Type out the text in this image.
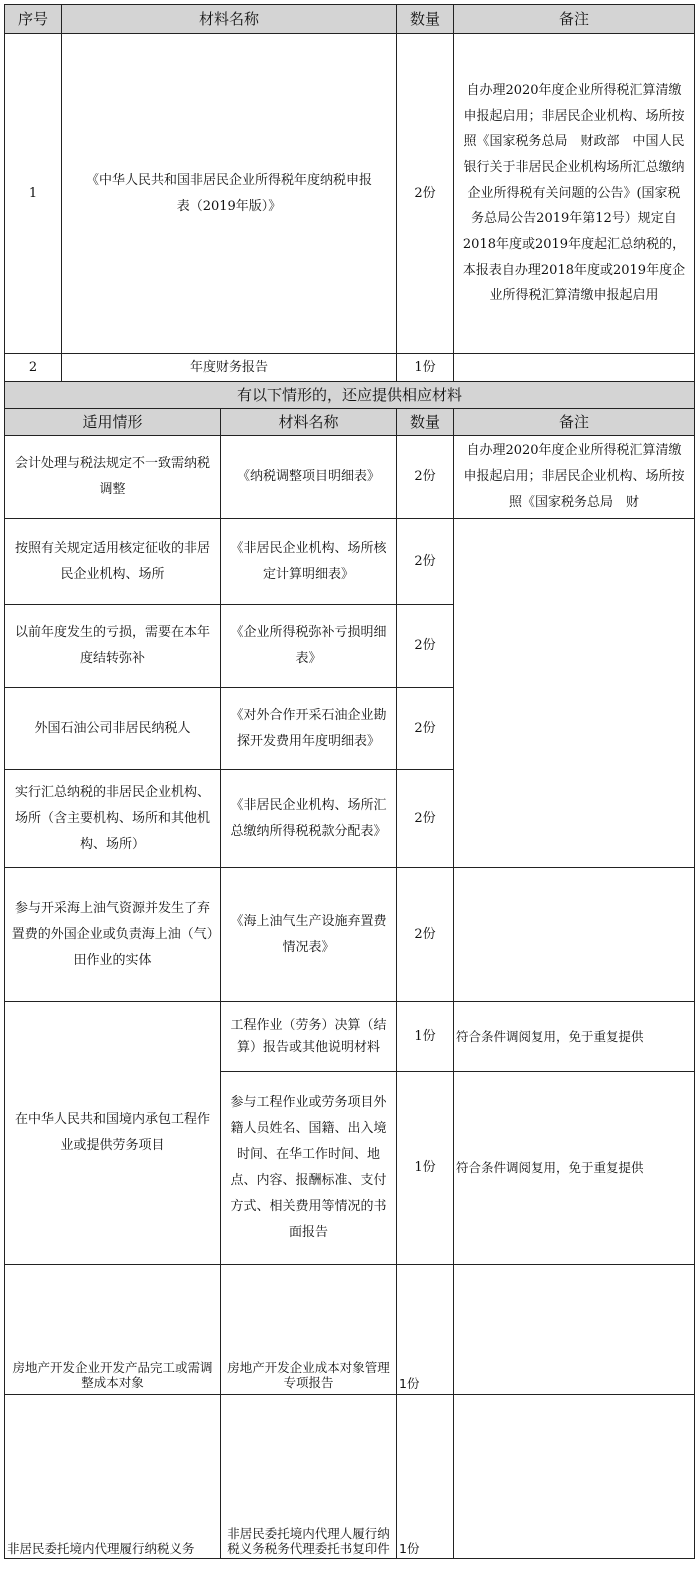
序号	材料名称	数量	备注
1	《中华人民共和国非居民企业所得税年度纳税申报表（2019年版）》	2份	自办理2020年度企业所得税汇算清缴申报起启用；非居民企业机构、场所按照《国家税务总局　财政部　中国人民银行关于非居民企业机构场所汇总缴纳企业所得税有关问题的公告》(国家税务总局公告2019年第12号）规定自2018年度或2019年度起汇总纳税的，本报表自办理2018年度或2019年度企业所得税汇算清缴申报起启用
2	年度财务报告	1份	
有以下情形的，还应提供相应材料			
适用情形	材料名称	数量	备注
会计处理与税法规定不一致需纳税调整	《纳税调整项目明细表》	2份	自办理2020年度企业所得税汇算清缴申报起启用；非居民企业机构、场所按照《国家税务总局　财
按照有关规定适用核定征收的非居民企业机构、场所	《非居民企业机构、场所核定计算明细表》	2份	
以前年度发生的亏损，需要在本年度结转弥补	《企业所得税弥补亏损明细表》	2份	
外国石油公司非居民纳税人	《对外合作开采石油企业勘探开发费用年度明细表》	2份	
实行汇总纳税的非居民企业机构、场所（含主要机构、场所和其他机构、场所）	《非居民企业机构、场所汇总缴纳所得税税款分配表》	2份	
参与开采海上油气资源并发生了弃置费的外国企业或负责海上油（气）田作业的实体	《海上油气生产设施弃置费情况表》	2份	
在中华人民共和国境内承包工程作业或提供劳务项目	工程作业（劳务）决算（结算）报告或其他说明材料	1份	符合条件调阅复用，免于重复提供
	参与工程作业或劳务项目外籍人员姓名、国籍、出入境时间、在华工作时间、地点、内容、报酬标准、支付方式、相关费用等情况的书面报告	1份	符合条件调阅复用，免于重复提供
房地产开发企业开发产品完工或需调整成本对象	房地产开发企业成本对象管理专项报告	1份	
非居民委托境内代理履行纳税义务	非居民委托境内代理人履行纳税义务税务代理委托书复印件	1份	
